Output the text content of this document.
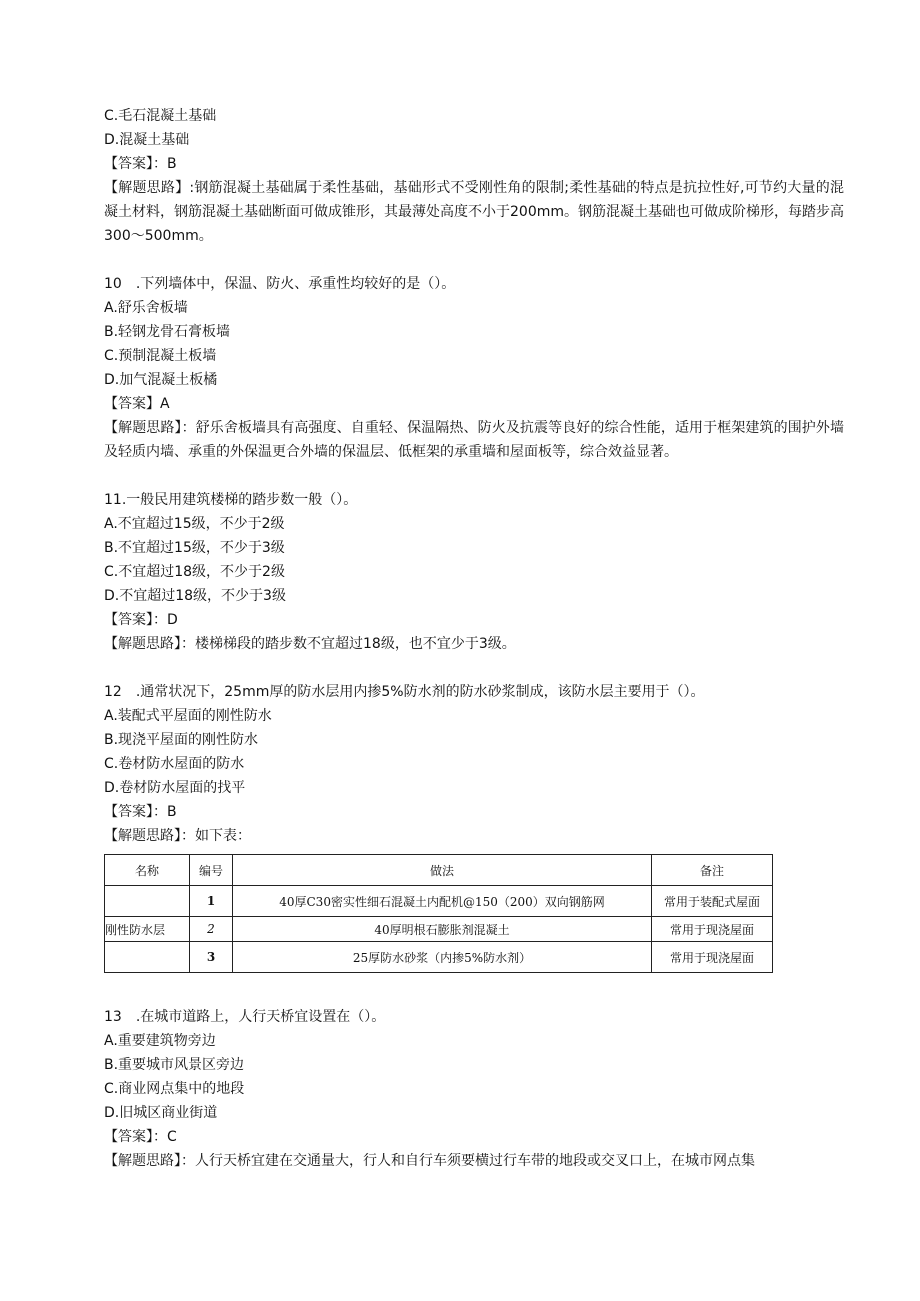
C.毛石混凝土基础
D.混凝土基础
【答案】：B
【解题思路】:钢筋混凝土基础属于柔性基础，基础形式不受刚性角的限制;柔性基础的特点是抗拉性好,可节约大量的混凝土材料，钢筋混凝土基础断面可做成锥形，其最薄处高度不小于200mm。钢筋混凝土基础也可做成阶梯形，每踏步高300～500mm。
10　.下列墙体中，保温、防火、承重性均较好的是（）。
A.舒乐舍板墙
B.轻钢龙骨石膏板墙
C.预制混凝土板墙
D.加气混凝土板橘
【答案】A
【解题思路】：舒乐舍板墙具有高强度、自重轻、保温隔热、防火及抗震等良好的综合性能，适用于框架建筑的围护外墙及轻质内墙、承重的外保温更合外墙的保温层、低框架的承重墙和屋面板等，综合效益显著。
11.一般民用建筑楼梯的踏步数一般（）。
A.不宜超过15级，不少于2级
B.不宜超过15级，不少于3级
C.不宜超过18级，不少于2级
D.不宜超过18级，不少于3级
【答案】：D
【解题思路】：楼梯梯段的踏步数不宜超过18级，也不宜少于3级。
12　.通常状况下，25mm厚的防水层用内掺5%防水剂的防水砂浆制成，该防水层主要用于（）。
A.装配式平屋面的刚性防水
B.现浇平屋面的刚性防水
C.卷材防水屋面的防水
D.卷材防水屋面的找平
【答案】：B
【解题思路】：如下表：
名称	编号	做法	备注
	1	40厚C30密实性细石混凝土内配机@150（200）双向钢筋网	常用于装配式屋面
刚性防水层	2	40厚明根石膨胀剂混凝土	常用于现浇屋面
	3	25厚防水砂浆（内掺5%防水剂）	常用于现浇屋面
13　.在城市道路上，人行天桥宜设置在（）。
A.重要建筑物旁边
B.重要城市风景区旁边
C.商业网点集中的地段
D.旧城区商业街道
【答案】：C
【解题思路】：人行天桥宜建在交通量大，行人和自行车须要横过行车带的地段或交叉口上，在城市网点集
